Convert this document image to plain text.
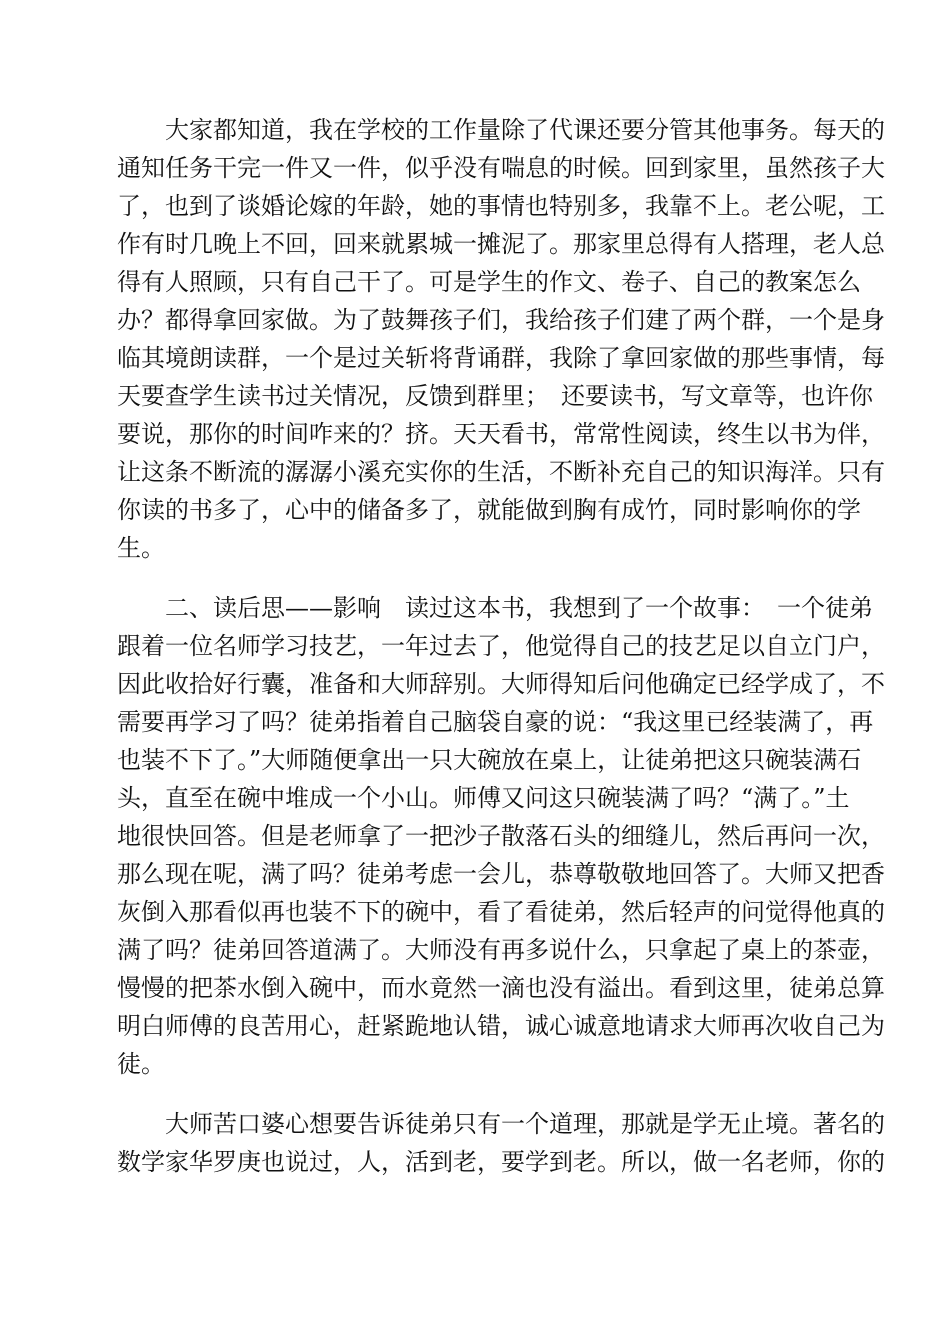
　　大家都知道，我在学校的工作量除了代课还要分管其他事务。每天的
通知任务干完一件又一件，似乎没有喘息的时候。回到家里，虽然孩子大
了，也到了谈婚论嫁的年龄，她的事情也特别多，我靠不上。老公呢，工
作有时几晚上不回，回来就累城一摊泥了。那家里总得有人搭理，老人总
得有人照顾，只有自己干了。可是学生的作文、卷子、自己的教案怎么
办？都得拿回家做。为了鼓舞孩子们，我给孩子们建了两个群，一个是身
临其境朗读群，一个是过关斩将背诵群，我除了拿回家做的那些事情，每
天要查学生读书过关情况，反馈到群里；　还要读书，写文章等，也许你
要说，那你的时间咋来的？挤。天天看书，常常性阅读，终生以书为伴，
让这条不断流的潺潺小溪充实你的生活，不断补充自己的知识海洋。只有
你读的书多了，心中的储备多了，就能做到胸有成竹，同时影响你的学
生。
　　二、读后思——影响　读过这本书，我想到了一个故事：　一个徒弟
跟着一位名师学习技艺，一年过去了，他觉得自己的技艺足以自立门户，
因此收拾好行囊，准备和大师辞别。大师得知后问他确定已经学成了，不
需要再学习了吗？徒弟指着自己脑袋自豪的说：“我这里已经装满了，再
也装不下了。”大师随便拿出一只大碗放在桌上，让徒弟把这只碗装满石
头，直至在碗中堆成一个小山。师傅又问这只碗装满了吗？“满了。”土
地很快回答。但是老师拿了一把沙子散落石头的细缝儿，然后再问一次，
那么现在呢，满了吗？徒弟考虑一会儿，恭尊敬敬地回答了。大师又把香
灰倒入那看似再也装不下的碗中，看了看徒弟，然后轻声的问觉得他真的
满了吗？徒弟回答道满了。大师没有再多说什么，只拿起了桌上的茶壶，
慢慢的把茶水倒入碗中，而水竟然一滴也没有溢出。看到这里，徒弟总算
明白师傅的良苦用心，赶紧跪地认错，诚心诚意地请求大师再次收自己为
徒。
　　大师苦口婆心想要告诉徒弟只有一个道理，那就是学无止境。著名的
数学家华罗庚也说过，人，活到老，要学到老。所以，做一名老师，你的
